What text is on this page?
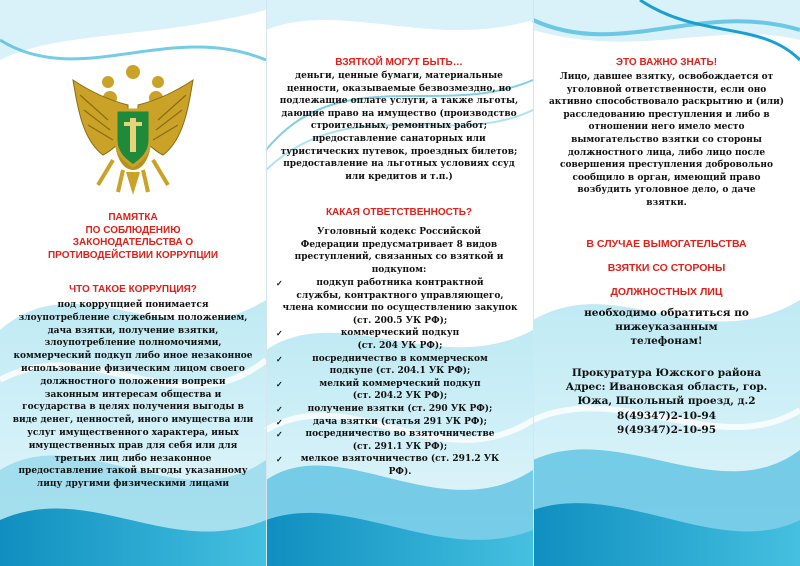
ПАМЯТКА
ПО СОБЛЮДЕНИЮ
ЗАКОНОДАТЕЛЬСТВА О
ПРОТИВОДЕЙСТВИИ КОРРУПЦИИ
ЧТО ТАКОЕ КОРРУПЦИЯ?
под коррупцией понимается
злоупотребление служебным положением,
дача взятки, получение взятки,
злоупотребление полномочиями,
коммерческий подкуп либо иное незаконное
использование физическим лицом своего
должностного положения вопреки
законным интересам общества и
государства в целях получения выгоды в
виде денег, ценностей, иного имущества или
услуг имущественного характера, иных
имущественных прав для себя или для
третьих лиц либо незаконное
предоставление такой выгоды указанному
лицу другими физическими лицами
ВЗЯТКОЙ МОГУТ БЫТЬ…
деньги, ценные бумаги, материальные
ценности, оказываемые безвозмездно, но
подлежащие оплате услуги, а также льготы,
дающие право на имущество (производство
строительных, ремонтных работ;
предоставление санаторных или
туристических путевок, проездных билетов;
предоставление на льготных условиях ссуд
или кредитов и т.п.)
КАКАЯ ОТВЕТСТВЕННОСТЬ?
Уголовный кодекс Российской
Федерации предусматривает 8 видов
преступлений, связанных со взяткой и
подкупом:
✓	подкуп работника контрактной
службы, контрактного управляющего,
члена комиссии по осуществлению закупок
(ст. 200.5 УК РФ);
✓	коммерческий подкуп
(ст. 204 УК РФ);
✓	посредничество в коммерческом
подкупе (ст. 204.1 УК РФ);
✓	мелкий коммерческий подкуп
(ст. 204.2 УК РФ);
✓	получение взятки (ст. 290 УК РФ);
✓	дача взятки (статья 291 УК РФ);
✓	посредничество во взяточничестве
(ст. 291.1 УК РФ);
✓	мелкое взяточничество (ст. 291.2 УК
РФ).
ЭТО ВАЖНО ЗНАТЬ!
Лицо, давшее взятку, освобождается от
уголовной ответственности, если оно
активно способствовало раскрытию и (или)
расследованию преступления и либо в
отношении него имело место
вымогательство взятки со стороны
должностного лица, либо лицо после
совершения преступления добровольно
сообщило в орган, имеющий право
возбудить уголовное дело, о даче
взятки.
В СЛУЧАЕ ВЫМОГАТЕЛЬСТВА
ВЗЯТКИ СО СТОРОНЫ
ДОЛЖНОСТНЫХ ЛИЦ
необходимо обратиться по
нижеуказанным
телефонам!
Прокуратура Южского района
Адрес: Ивановская область, гор.
Южа, Школьный проезд, д.2
8(49347)2-10-94
9(49347)2-10-95
